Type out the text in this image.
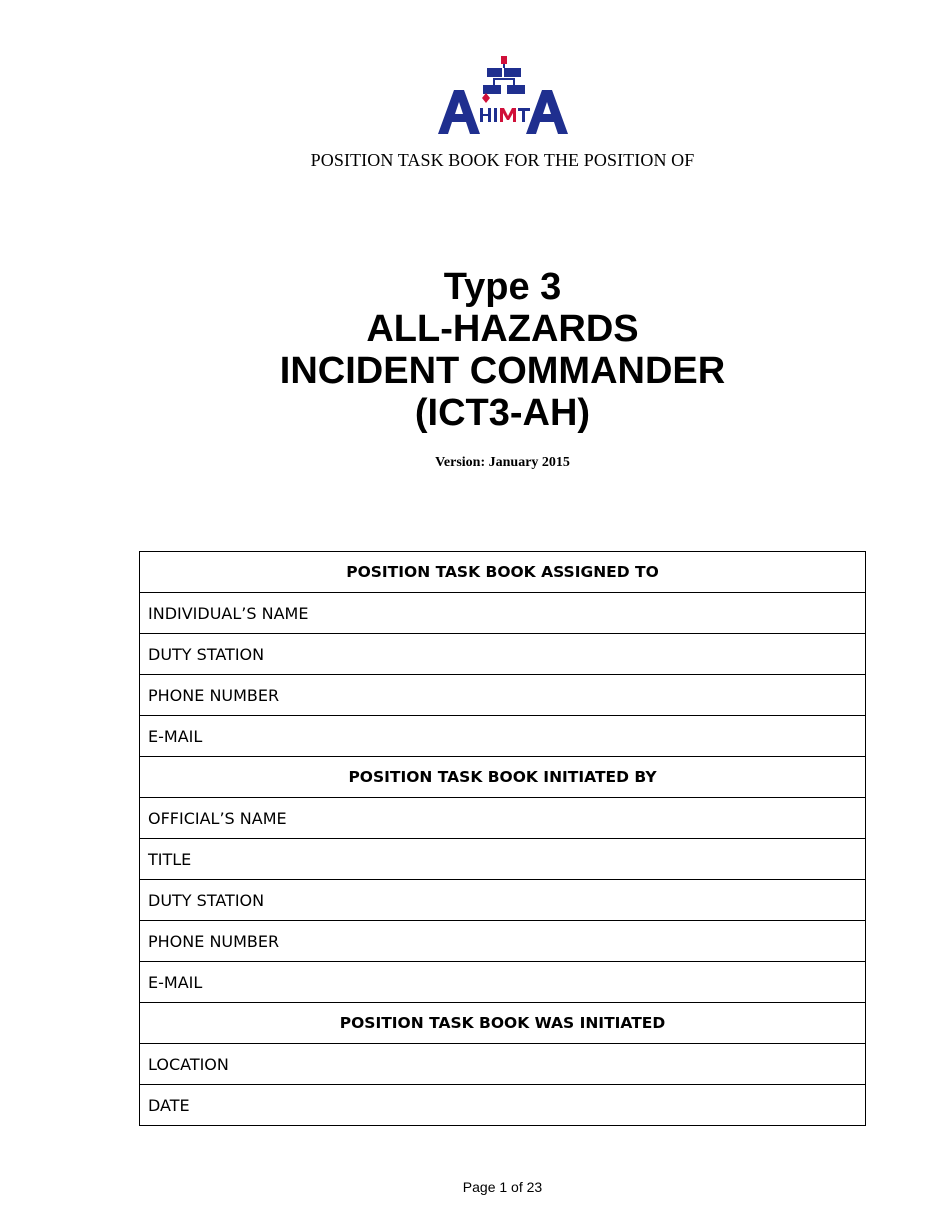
POSITION TASK BOOK FOR THE POSITION OF
Type 3
ALL-HAZARDS
INCIDENT COMMANDER
(ICT3-AH)
Version: January 2015
POSITION TASK BOOK ASSIGNED TO
INDIVIDUAL’S NAME
DUTY STATION
PHONE NUMBER
E-MAIL
POSITION TASK BOOK INITIATED BY
OFFICIAL’S NAME
TITLE
DUTY STATION
PHONE NUMBER
E-MAIL
POSITION TASK BOOK WAS INITIATED
LOCATION
DATE
Page 1 of 23
